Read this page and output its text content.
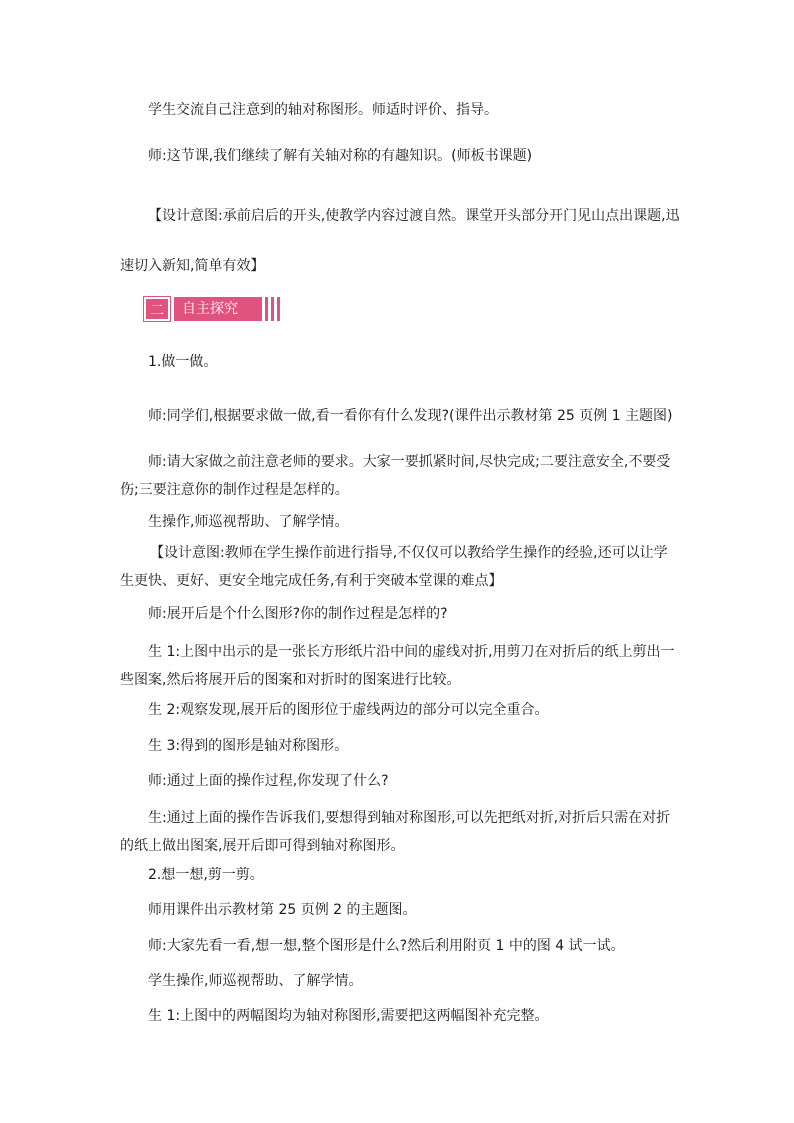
学生交流自己注意到的轴对称图形。师适时评价、指导。
师:这节课,我们继续了解有关轴对称的有趣知识。(师板书课题)
【设计意图:承前启后的开头,使教学内容过渡自然。课堂开头部分开门见山点出课题,迅速切入新知,简单有效】
二	自主探究
1.做一做。
师:同学们,根据要求做一做,看一看你有什么发现?(课件出示教材第 25 页例 1 主题图)
师:请大家做之前注意老师的要求。大家一要抓紧时间,尽快完成;二要注意安全,不要受伤;三要注意你的制作过程是怎样的。
生操作,师巡视帮助、了解学情。
【设计意图:教师在学生操作前进行指导,不仅仅可以教给学生操作的经验,还可以让学生更快、更好、更安全地完成任务,有利于突破本堂课的难点】
师:展开后是个什么图形?你的制作过程是怎样的?
生 1:上图中出示的是一张长方形纸片沿中间的虚线对折,用剪刀在对折后的纸上剪出一些图案,然后将展开后的图案和对折时的图案进行比较。
生 2:观察发现,展开后的图形位于虚线两边的部分可以完全重合。
生 3:得到的图形是轴对称图形。
师:通过上面的操作过程,你发现了什么?
生:通过上面的操作告诉我们,要想得到轴对称图形,可以先把纸对折,对折后只需在对折的纸上做出图案,展开后即可得到轴对称图形。
2.想一想,剪一剪。
师用课件出示教材第 25 页例 2 的主题图。
师:大家先看一看,想一想,整个图形是什么?然后利用附页 1 中的图 4 试一试。
学生操作,师巡视帮助、了解学情。
生 1:上图中的两幅图均为轴对称图形,需要把这两幅图补充完整。
